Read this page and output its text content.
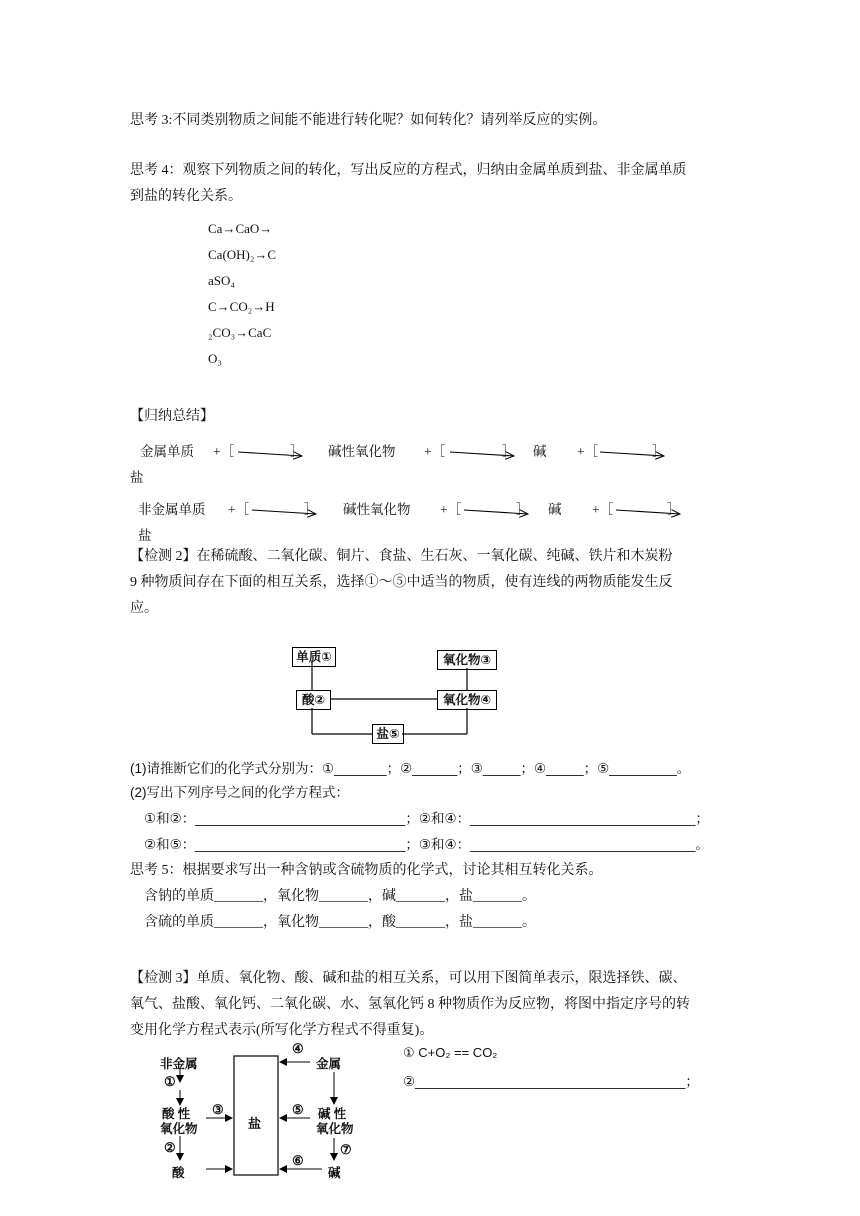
思考 3:不同类别物质之间能不能进行转化呢？如何转化？请列举反应的实例。
思考 4：观察下列物质之间的转化，写出反应的方程式，归纳由金属单质到盐、非金属单质
到盐的转化关系。
Ca→CaO→
Ca(OH)₂→C
aSO₄
C→CO₂→H
₂CO₃→CaC
O₃
【归纳总结】
金属单质 +［	］ 碱性氧化物 +［	］ 碱 +［	］
盐
非金属单质 +［	］ 碱性氧化物 +［	］ 碱 +［	］
盐
【检测 2】在稀硫酸、二氧化碳、铜片、食盐、生石灰、一氧化碳、纯碱、铁片和木炭粉
9 种物质间存在下面的相互关系，选择①～⑤中适当的物质，使有连线的两物质能发生反
应。
单质①	氧化物③
酸②	氧化物④
盐⑤
(1)请推断它们的化学式分别为：①_______；②______；③_____；④_____；⑤_________。
(2)写出下列序号之间的化学方程式：
①和②：____________________________；②和④：______________________________；
②和⑤：____________________________；③和④：______________________________。
思考 5：根据要求写出一种含钠或含硫物质的化学式，讨论其相互转化关系。
含钠的单质_______，氧化物_______，碱_______，盐_______。
含硫的单质_______，氧化物_______，酸_______，盐_______。
【检测 3】单质、氧化物、酸、碱和盐的相互关系，可以用下图简单表示，限选择铁、碳、
氧气、盐酸、氧化钙、二氧化碳、水、氢氧化钙 8 种物质作为反应物，将图中指定序号的转
变用化学方程式表示(所写化学方程式不得重复)。
非金属
①
酸 性
氧化物
②
酸
③
盐
④
金属
⑤ 碱 性
氧化物
⑦
⑥
碱
① C+O₂ == CO₂
②____________________________________；
